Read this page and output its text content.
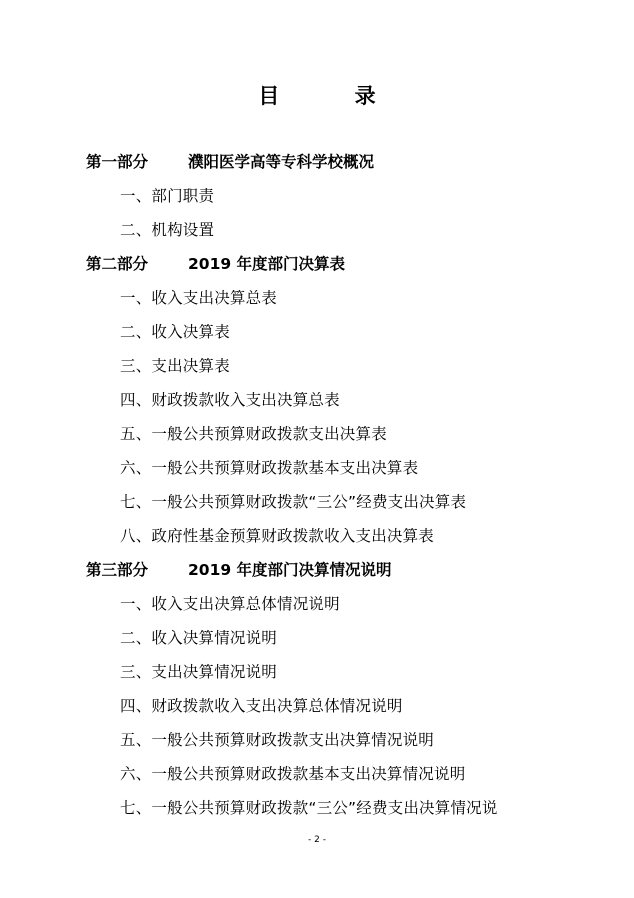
目 录
第一部分	濮阳医学高等专科学校概况
一、部门职责
二、机构设置
第二部分	2019 年度部门决算表
一、收入支出决算总表
二、收入决算表
三、支出决算表
四、财政拨款收入支出决算总表
五、一般公共预算财政拨款支出决算表
六、一般公共预算财政拨款基本支出决算表
七、一般公共预算财政拨款“三公”经费支出决算表
八、政府性基金预算财政拨款收入支出决算表
第三部分	2019 年度部门决算情况说明
一、收入支出决算总体情况说明
二、收入决算情况说明
三、支出决算情况说明
四、财政拨款收入支出决算总体情况说明
五、一般公共预算财政拨款支出决算情况说明
六、一般公共预算财政拨款基本支出决算情况说明
七、一般公共预算财政拨款“三公”经费支出决算情况说
- 2 -
